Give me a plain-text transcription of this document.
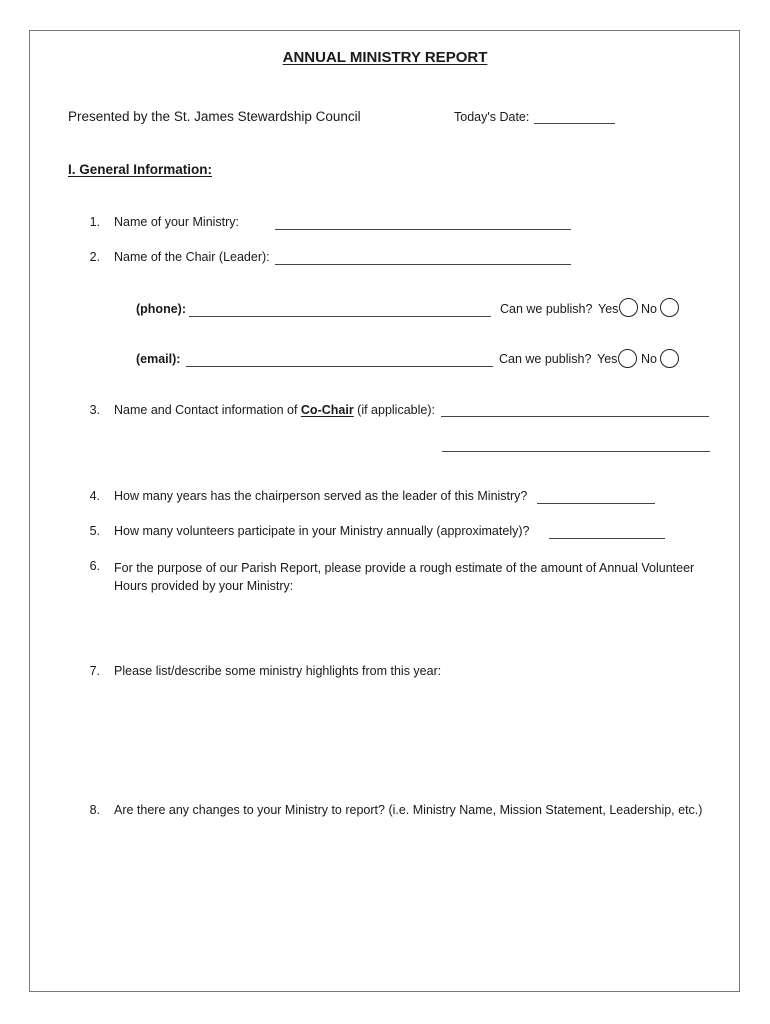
ANNUAL MINISTRY REPORT
Presented by the St. James Stewardship Council	Today's Date:
I. General Information:
1. Name of your Ministry:
2. Name of the Chair (Leader):
(phone):	Can we publish? Yes No
(email):	Can we publish? Yes No
3. Name and Contact information of Co-Chair (if applicable):
4. How many years has the chairperson served as the leader of this Ministry?
5. How many volunteers participate in your Ministry annually (approximately)?
6. For the purpose of our Parish Report, please provide a rough estimate of the amount of Annual Volunteer Hours provided by your Ministry:
7. Please list/describe some ministry highlights from this year:
8. Are there any changes to your Ministry to report? (i.e. Ministry Name, Mission Statement, Leadership, etc.)
